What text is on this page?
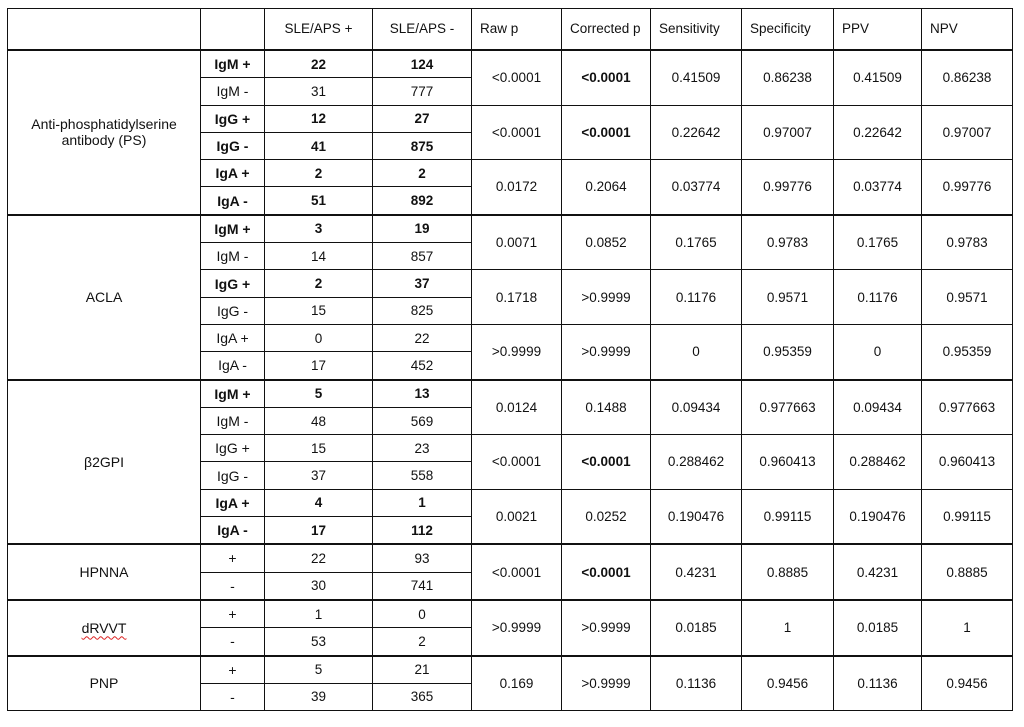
		SLE/APS +	SLE/APS -	Raw p	Corrected p	Sensitivity	Specificity	PPV	NPV
Anti-phosphatidylserine antibody (PS)	IgM +	22	124	<0.0001	<0.0001	0.41509	0.86238	0.41509	0.86238
	IgM -	31	777						
	IgG +	12	27	<0.0001	<0.0001	0.22642	0.97007	0.22642	0.97007
	IgG -	41	875						
	IgA +	2	2	0.0172	0.2064	0.03774	0.99776	0.03774	0.99776
	IgA -	51	892						
ACLA	IgM +	3	19	0.0071	0.0852	0.1765	0.9783	0.1765	0.9783
	IgM -	14	857						
	IgG +	2	37	0.1718	>0.9999	0.1176	0.9571	0.1176	0.9571
	IgG -	15	825						
	IgA +	0	22	>0.9999	>0.9999	0	0.95359	0	0.95359
	IgA -	17	452						
β2GPI	IgM +	5	13	0.0124	0.1488	0.09434	0.977663	0.09434	0.977663
	IgM -	48	569						
	IgG +	15	23	<0.0001	<0.0001	0.288462	0.960413	0.288462	0.960413
	IgG -	37	558						
	IgA +	4	1	0.0021	0.0252	0.190476	0.99115	0.190476	0.99115
	IgA -	17	112						
HPNNA	+	22	93	<0.0001	<0.0001	0.4231	0.8885	0.4231	0.8885
	-	30	741						
dRVVT	+	1	0	>0.9999	>0.9999	0.0185	1	0.0185	1
	-	53	2						
PNP	+	5	21	0.169	>0.9999	0.1136	0.9456	0.1136	0.9456
	-	39	365						
